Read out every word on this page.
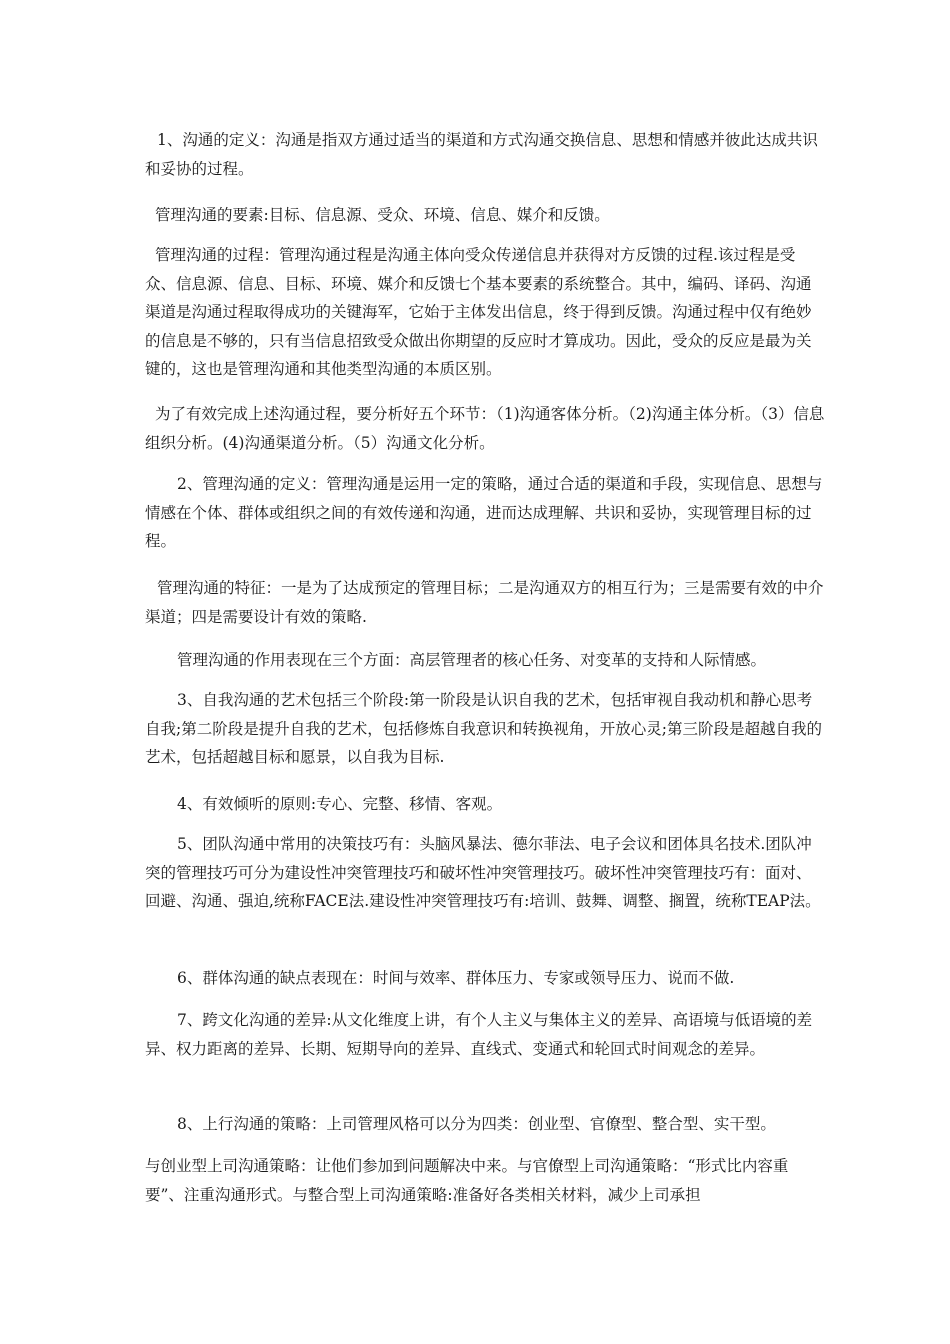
1、沟通的定义：沟通是指双方通过适当的渠道和方式沟通交换信息、思想和情感并彼此达成共识和妥协的过程。

管理沟通的要素:目标、信息源、受众、环境、信息、媒介和反馈。

管理沟通的过程：管理沟通过程是沟通主体向受众传递信息并获得对方反馈的过程.该过程是受众、信息源、信息、目标、环境、媒介和反馈七个基本要素的系统整合。其中，编码、译码、沟通渠道是沟通过程取得成功的关键海军，它始于主体发出信息，终于得到反馈。沟通过程中仅有绝妙的信息是不够的，只有当信息招致受众做出你期望的反应时才算成功。因此，受众的反应是最为关键的，这也是管理沟通和其他类型沟通的本质区别。

为了有效完成上述沟通过程，要分析好五个环节：（1)沟通客体分析。（2)沟通主体分析。（3）信息组织分析。(4)沟通渠道分析。（5）沟通文化分析。

2、管理沟通的定义：管理沟通是运用一定的策略，通过合适的渠道和手段，实现信息、思想与情感在个体、群体或组织之间的有效传递和沟通，进而达成理解、共识和妥协，实现管理目标的过程。

管理沟通的特征：一是为了达成预定的管理目标；二是沟通双方的相互行为；三是需要有效的中介渠道；四是需要设计有效的策略.

管理沟通的作用表现在三个方面：高层管理者的核心任务、对变革的支持和人际情感。

3、自我沟通的艺术包括三个阶段:第一阶段是认识自我的艺术，包括审视自我动机和静心思考自我;第二阶段是提升自我的艺术，包括修炼自我意识和转换视角，开放心灵;第三阶段是超越自我的艺术，包括超越目标和愿景，以自我为目标.

4、有效倾听的原则:专心、完整、移情、客观。

5、团队沟通中常用的决策技巧有：头脑风暴法、德尔菲法、电子会议和团体具名技术.团队冲突的管理技巧可分为建设性冲突管理技巧和破坏性冲突管理技巧。破坏性冲突管理技巧有：面对、回避、沟通、强迫,统称FACE法.建设性冲突管理技巧有:培训、鼓舞、调整、搁置，统称TEAP法。

6、群体沟通的缺点表现在：时间与效率、群体压力、专家或领导压力、说而不做.

7、跨文化沟通的差异:从文化维度上讲，有个人主义与集体主义的差异、高语境与低语境的差异、权力距离的差异、长期、短期导向的差异、直线式、变通式和轮回式时间观念的差异。

8、上行沟通的策略：上司管理风格可以分为四类：创业型、官僚型、整合型、实干型。

与创业型上司沟通策略：让他们参加到问题解决中来。与官僚型上司沟通策略：“形式比内容重要”、注重沟通形式。与整合型上司沟通策略:准备好各类相关材料，减少上司承担
